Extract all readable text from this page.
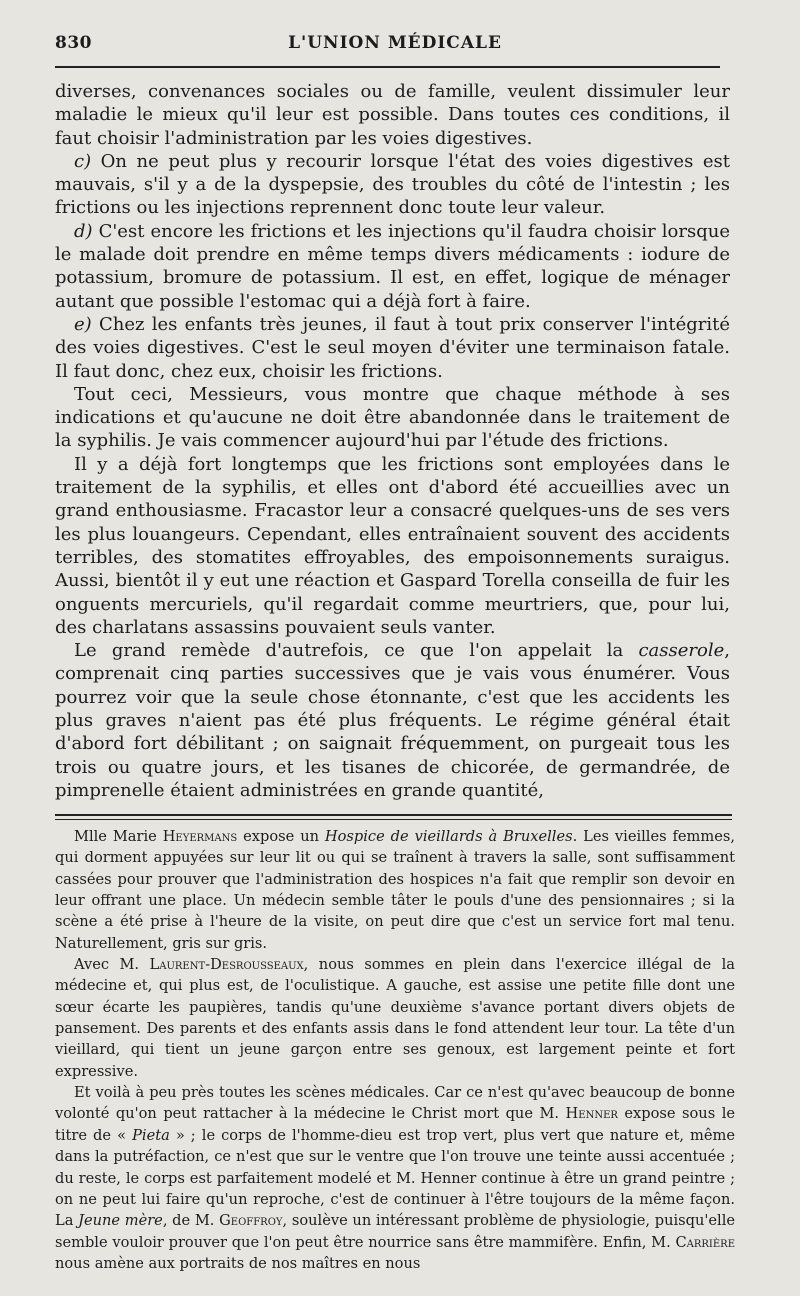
830	L'UNION MÉDICALE

diverses, convenances sociales ou de famille, veulent dissimuler leur maladie le mieux qu'il leur est possible. Dans toutes ces conditions, il faut choisir l'administration par les voies digestives.

c) On ne peut plus y recourir lorsque l'état des voies digestives est mauvais, s'il y a de la dyspepsie, des troubles du côté de l'intestin ; les frictions ou les injections reprennent donc toute leur valeur.

d) C'est encore les frictions et les injections qu'il faudra choisir lorsque le malade doit prendre en même temps divers médicaments : iodure de potassium, bromure de potassium. Il est, en effet, logique de ménager autant que possible l'estomac qui a déjà fort à faire.

e) Chez les enfants très jeunes, il faut à tout prix conserver l'intégrité des voies digestives. C'est le seul moyen d'éviter une terminaison fatale. Il faut donc, chez eux, choisir les frictions.

Tout ceci, Messieurs, vous montre que chaque méthode à ses indications et qu'aucune ne doit être abandonnée dans le traitement de la syphilis. Je vais commencer aujourd'hui par l'étude des frictions.

Il y a déjà fort longtemps que les frictions sont employées dans le traitement de la syphilis, et elles ont d'abord été accueillies avec un grand enthousiasme. Fracastor leur a consacré quelques-uns de ses vers les plus louangeurs. Cependant, elles entraînaient souvent des accidents terribles, des stomatites effroyables, des empoisonnements suraigus. Aussi, bientôt il y eut une réaction et Gaspard Torella conseilla de fuir les onguents mercuriels, qu'il regardait comme meurtriers, que, pour lui, des charlatans assassins pouvaient seuls vanter.

Le grand remède d'autrefois, ce que l'on appelait la casserole, comprenait cinq parties successives que je vais vous énumérer. Vous pourrez voir que la seule chose étonnante, c'est que les accidents les plus graves n'aient pas été plus fréquents. Le régime général était d'abord fort débilitant ; on saignait fréquemment, on purgeait tous les trois ou quatre jours, et les tisanes de chicorée, de germandrée, de pimprenelle étaient administrées en grande quantité,

Mlle Marie Heyermans expose un Hospice de vieillards à Bruxelles. Les vieilles femmes, qui dorment appuyées sur leur lit ou qui se traînent à travers la salle, sont suffisamment cassées pour prouver que l'administration des hospices n'a fait que remplir son devoir en leur offrant une place. Un médecin semble tâter le pouls d'une des pensionnaires ; si la scène a été prise à l'heure de la visite, on peut dire que c'est un service fort mal tenu. Naturellement, gris sur gris.

Avec M. Laurent-Desrousseaux, nous sommes en plein dans l'exercice illégal de la médecine et, qui plus est, de l'oculistique. A gauche, est assise une petite fille dont une sœur écarte les paupières, tandis qu'une deuxième s'avance portant divers objets de pansement. Des parents et des enfants assis dans le fond attendent leur tour. La tête d'un vieillard, qui tient un jeune garçon entre ses genoux, est largement peinte et fort expressive.

Et voilà à peu près toutes les scènes médicales. Car ce n'est qu'avec beaucoup de bonne volonté qu'on peut rattacher à la médecine le Christ mort que M. Henner expose sous le titre de « Pieta » ; le corps de l'homme-dieu est trop vert, plus vert que nature et, même dans la putréfaction, ce n'est que sur le ventre que l'on trouve une teinte aussi accentuée ; du reste, le corps est parfaitement modelé et M. Henner continue à être un grand peintre ; on ne peut lui faire qu'un reproche, c'est de continuer à l'être toujours de la même façon. La Jeune mère, de M. Geoffroy, soulève un intéressant problème de physiologie, puisqu'elle semble vouloir prouver que l'on peut être nourrice sans être mammifère. Enfin, M. Carrière nous amène aux portraits de nos maîtres en nous
